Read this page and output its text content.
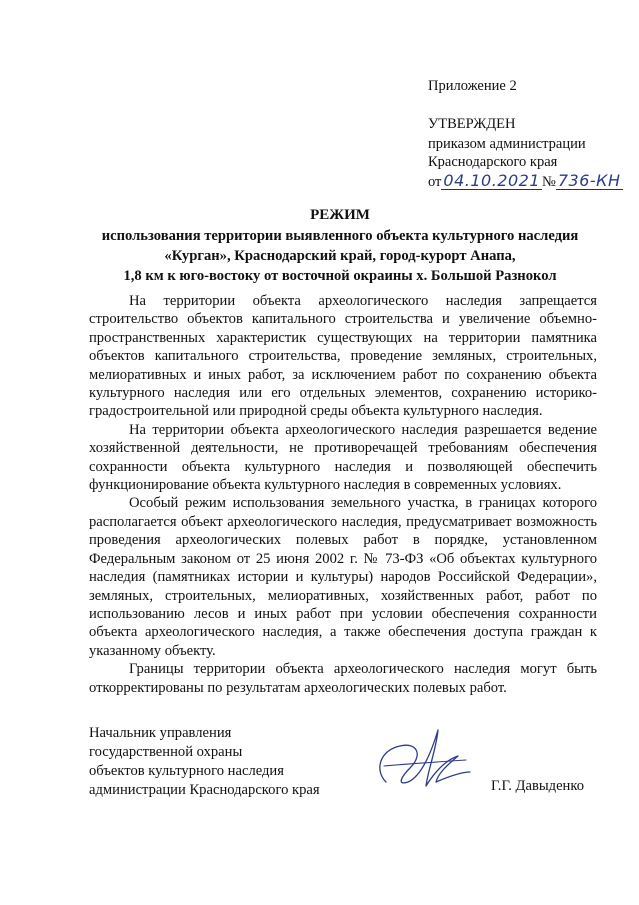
Приложение 2
УТВЕРЖДЕН
приказом администрации
Краснодарского края
от 04.10.2021 № 736-КН
РЕЖИМ
использования территории выявленного объекта культурного наследия
«Курган», Краснодарский край, город-курорт Анапа,
1,8 км к юго-востоку от восточной окраины х. Большой Разнокол

На территории объекта археологического наследия запрещается строительство объектов капитального строительства и увеличение объемно-пространственных характеристик существующих на территории памятника объектов капитального строительства, проведение земляных, строительных, мелиоративных и иных работ, за исключением работ по сохранению объекта культурного наследия или его отдельных элементов, сохранению историко-градостроительной или природной среды объекта культурного наследия.

На территории объекта археологического наследия разрешается ведение хозяйственной деятельности, не противоречащей требованиям обеспечения сохранности объекта культурного наследия и позволяющей обеспечить функционирование объекта культурного наследия в современных условиях.

Особый режим использования земельного участка, в границах которого располагается объект археологического наследия, предусматривает возможность проведения археологических полевых работ в порядке, установленном Федеральным законом от 25 июня 2002 г. № 73-ФЗ «Об объектах культурного наследия (памятниках истории и культуры) народов Российской Федерации», земляных, строительных, мелиоративных, хозяйственных работ, работ по использованию лесов и иных работ при условии обеспечения сохранности объекта археологического наследия, а также обеспечения доступа граждан к указанному объекту.

Границы территории объекта археологического наследия могут быть откорректированы по результатам археологических полевых работ.

Начальник управления
государственной охраны
объектов культурного наследия
администрации Краснодарского края	Г.Г. Давыденко
